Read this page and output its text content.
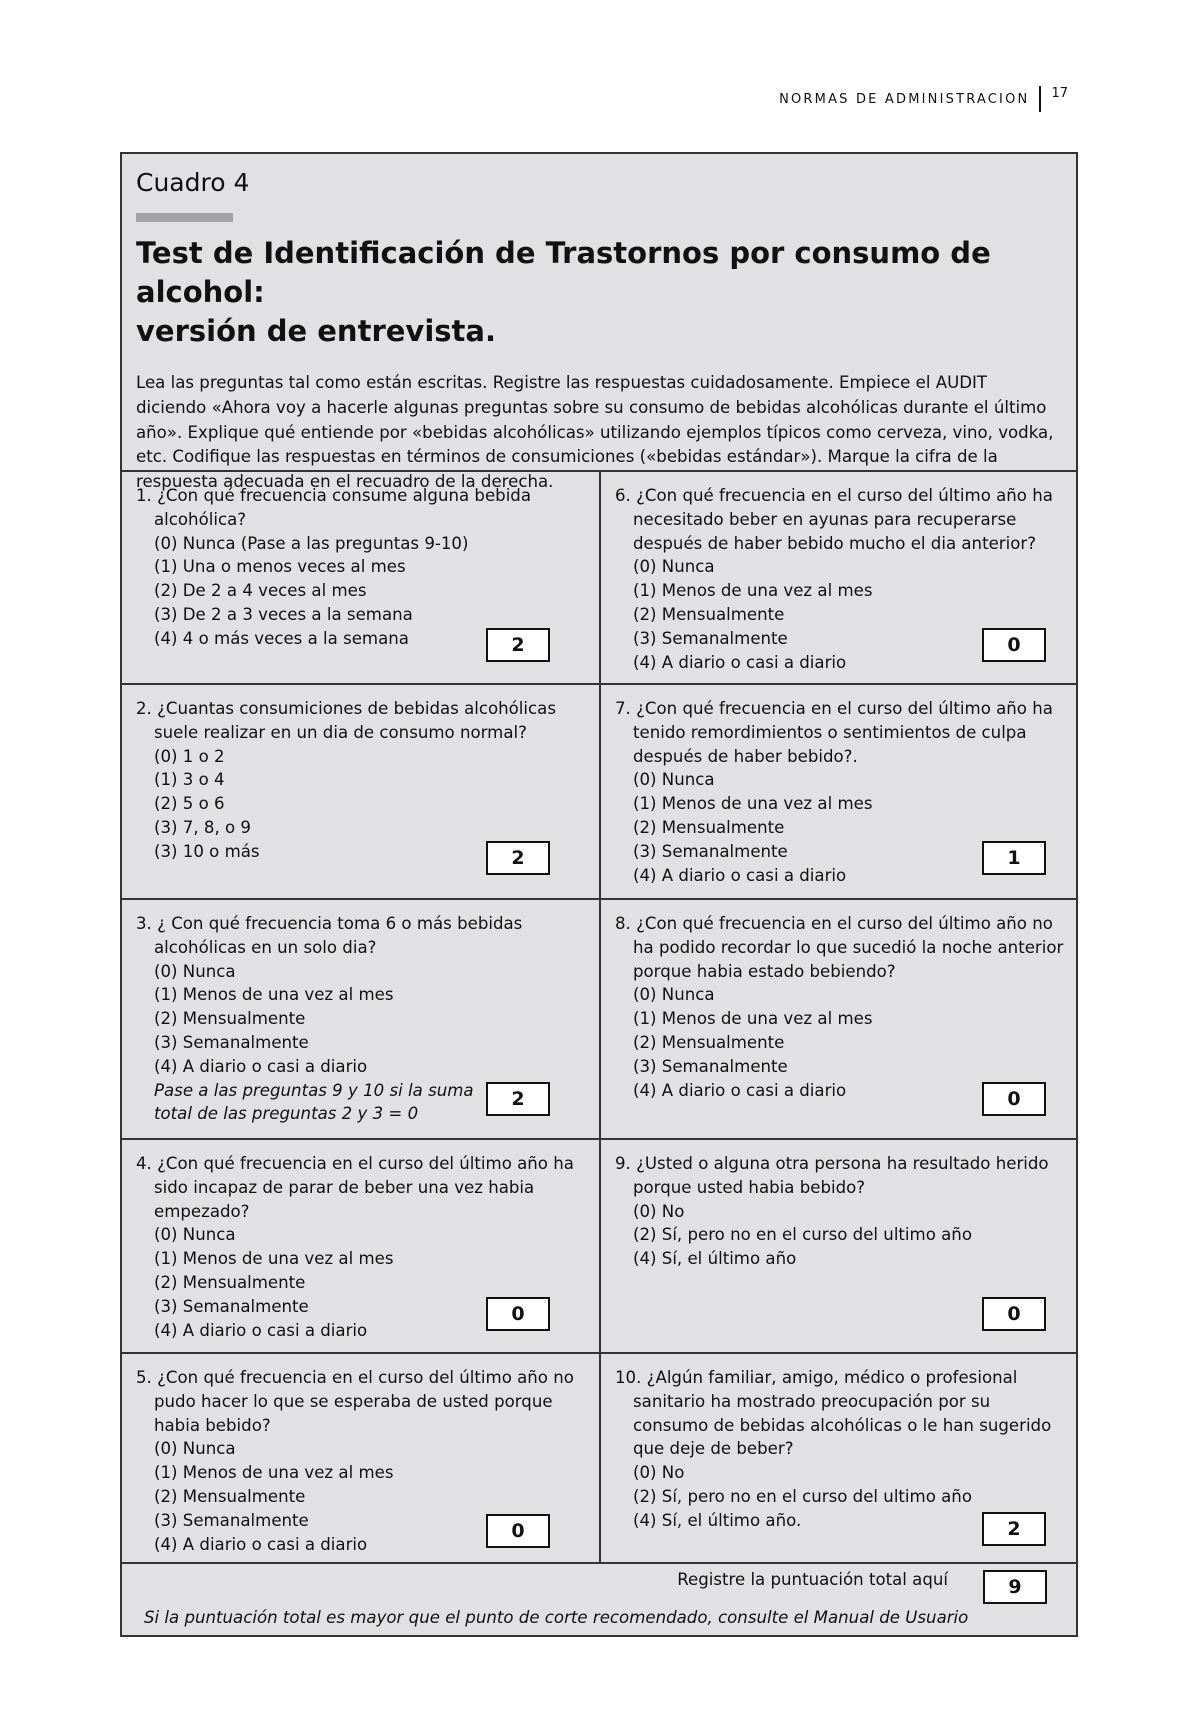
NORMAS DE ADMINISTRACION 17
Cuadro 4
Test de Identificación de Trastornos por consumo de alcohol:
versión de entrevista.
Lea las preguntas tal como están escritas. Registre las respuestas cuidadosamente. Empiece el AUDIT diciendo «Ahora voy a hacerle algunas preguntas sobre su consumo de bebidas alcohólicas durante el último año». Explique qué entiende por «bebidas alcohólicas» utilizando ejemplos típicos como cerveza, vino, vodka, etc. Codifique las respuestas en términos de consumiciones («bebidas estándar»). Marque la cifra de la respuesta adecuada en el recuadro de la derecha.
1. ¿Con qué frecuencia consume alguna bebida alcohólica?
(0) Nunca (Pase a las preguntas 9-10)
(1) Una o menos veces al mes
(2) De 2 a 4 veces al mes
(3) De 2 a 3 veces a la semana
(4) 4 o más veces a la semana	2
6. ¿Con qué frecuencia en el curso del último año ha necesitado beber en ayunas para recuperarse después de haber bebido mucho el dia anterior?
(0) Nunca
(1) Menos de una vez al mes
(2) Mensualmente
(3) Semanalmente
(4) A diario o casi a diario
0
2. ¿Cuantas consumiciones de bebidas alcohólicas suele realizar en un dia de consumo normal?
(0) 1 o 2
(1) 3 o 4
(2) 5 o 6
(3) 7, 8, o 9
(3) 10 o más	2
7. ¿Con qué frecuencia en el curso del último año ha tenido remordimientos o sentimientos de culpa después de haber bebido?.
(0) Nunca
(1) Menos de una vez al mes
(2) Mensualmente
(3) Semanalmente
(4) A diario o casi a diario
1
3. ¿ Con qué frecuencia toma 6 o más bebidas alcohólicas en un solo dia?
(0) Nunca
(1) Menos de una vez al mes
(2) Mensualmente
(3) Semanalmente
(4) A diario o casi a diario
Pase a las preguntas 9 y 10 si la suma total de las preguntas 2 y 3 = 0
2
8. ¿Con qué frecuencia en el curso del último año no ha podido recordar lo que sucedió la noche anterior porque habia estado bebiendo?
(0) Nunca
(1) Menos de una vez al mes
(2) Mensualmente
(3) Semanalmente
(4) A diario o casi a diario	0
4. ¿Con qué frecuencia en el curso del último año ha sido incapaz de parar de beber una vez habia empezado?
(0) Nunca
(1) Menos de una vez al mes
(2) Mensualmente
(3) Semanalmente
(4) A diario o casi a diario
0
9. ¿Usted o alguna otra persona ha resultado herido porque usted habia bebido?
(0) No
(2) Sí, pero no en el curso del ultimo año
(4) Sí, el último año
0
5. ¿Con qué frecuencia en el curso del último año no pudo hacer lo que se esperaba de usted porque habia bebido?
(0) Nunca
(1) Menos de una vez al mes
(2) Mensualmente
(3) Semanalmente
(4) A diario o casi a diario
0
10. ¿Algún familiar, amigo, médico o profesional sanitario ha mostrado preocupación por su consumo de bebidas alcohólicas o le han sugerido que deje de beber?
(0) No
(2) Sí, pero no en el curso del ultimo año
(4) Sí, el último año.	2
Registre la puntuación total aquí	9
Si la puntuación total es mayor que el punto de corte recomendado, consulte el Manual de Usuario
